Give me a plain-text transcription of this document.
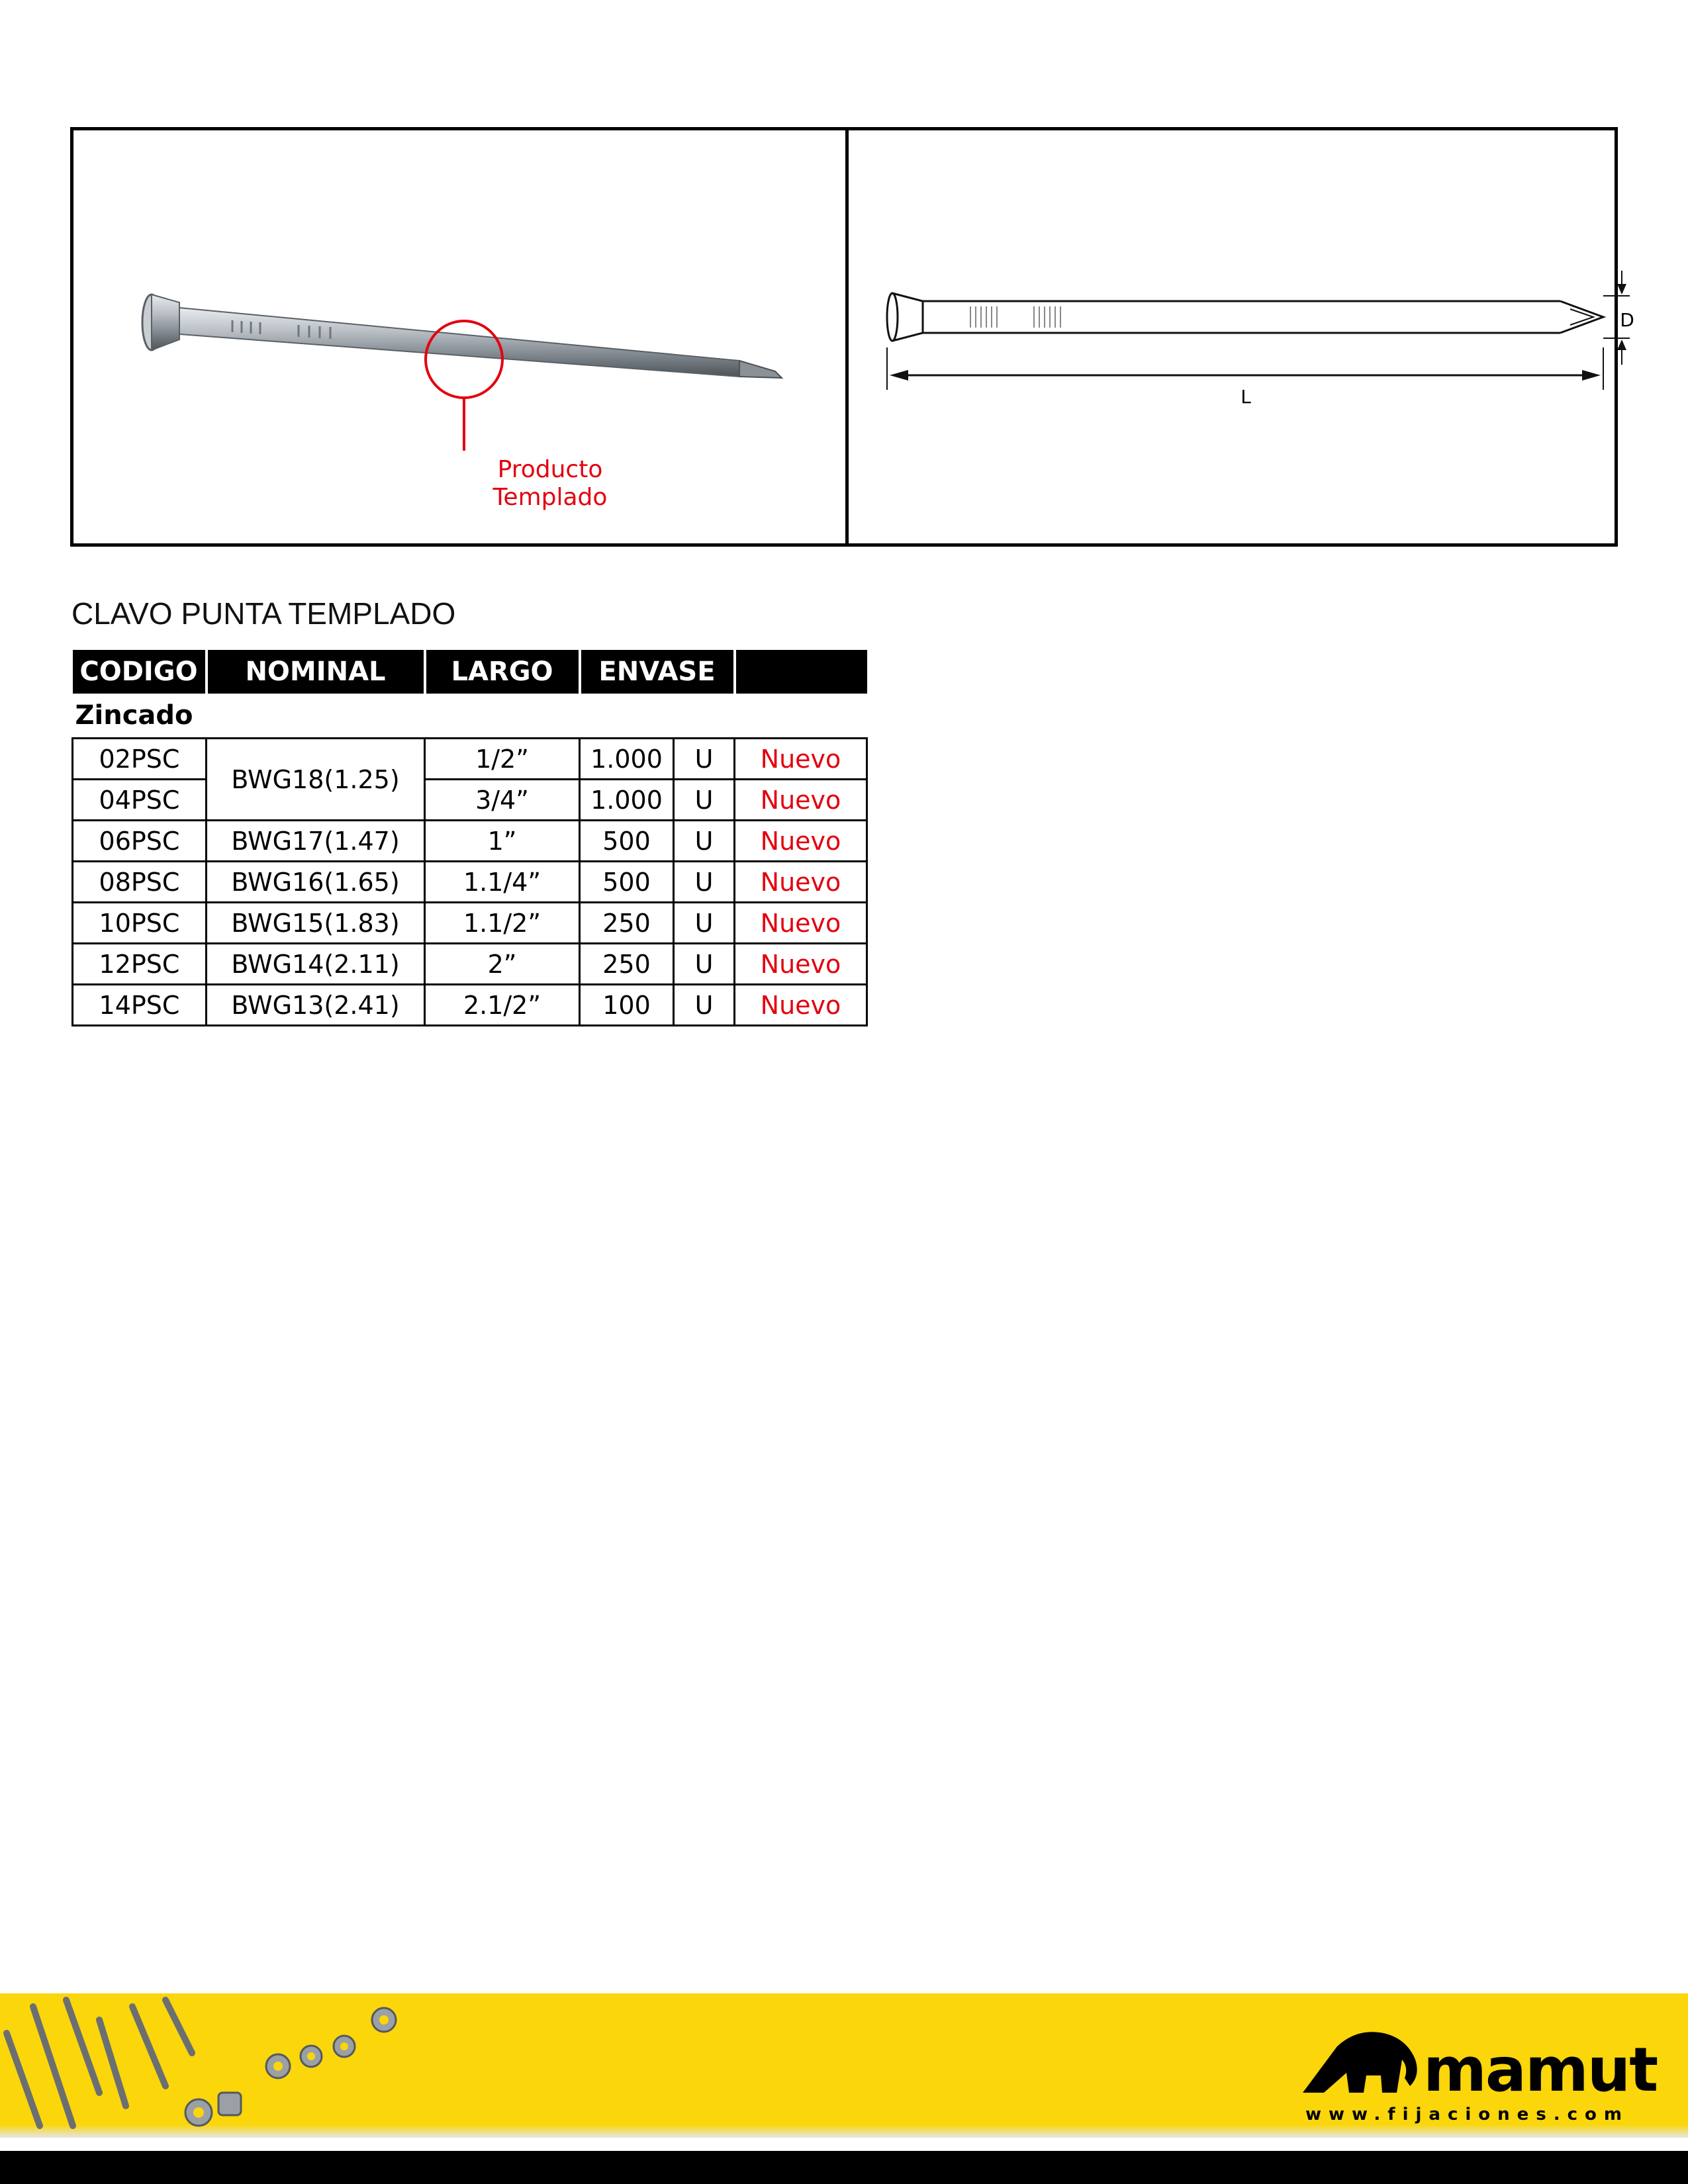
Producto
Templado
D
L
CLAVO PUNTA TEMPLADO
CODIGO	NOMINAL	LARGO	ENVASE		
Zincado					
02PSC	BWG18(1.25)	1/2”	1.000	U	Nuevo
04PSC		3/4”	1.000	U	Nuevo
06PSC	BWG17(1.47)	1”	500	U	Nuevo
08PSC	BWG16(1.65)	1.1/4”	500	U	Nuevo
10PSC	BWG15(1.83)	1.1/2”	250	U	Nuevo
12PSC	BWG14(2.11)	2”	250	U	Nuevo
14PSC	BWG13(2.41)	2.1/2”	100	U	Nuevo
mamut
www.fijaciones.com
